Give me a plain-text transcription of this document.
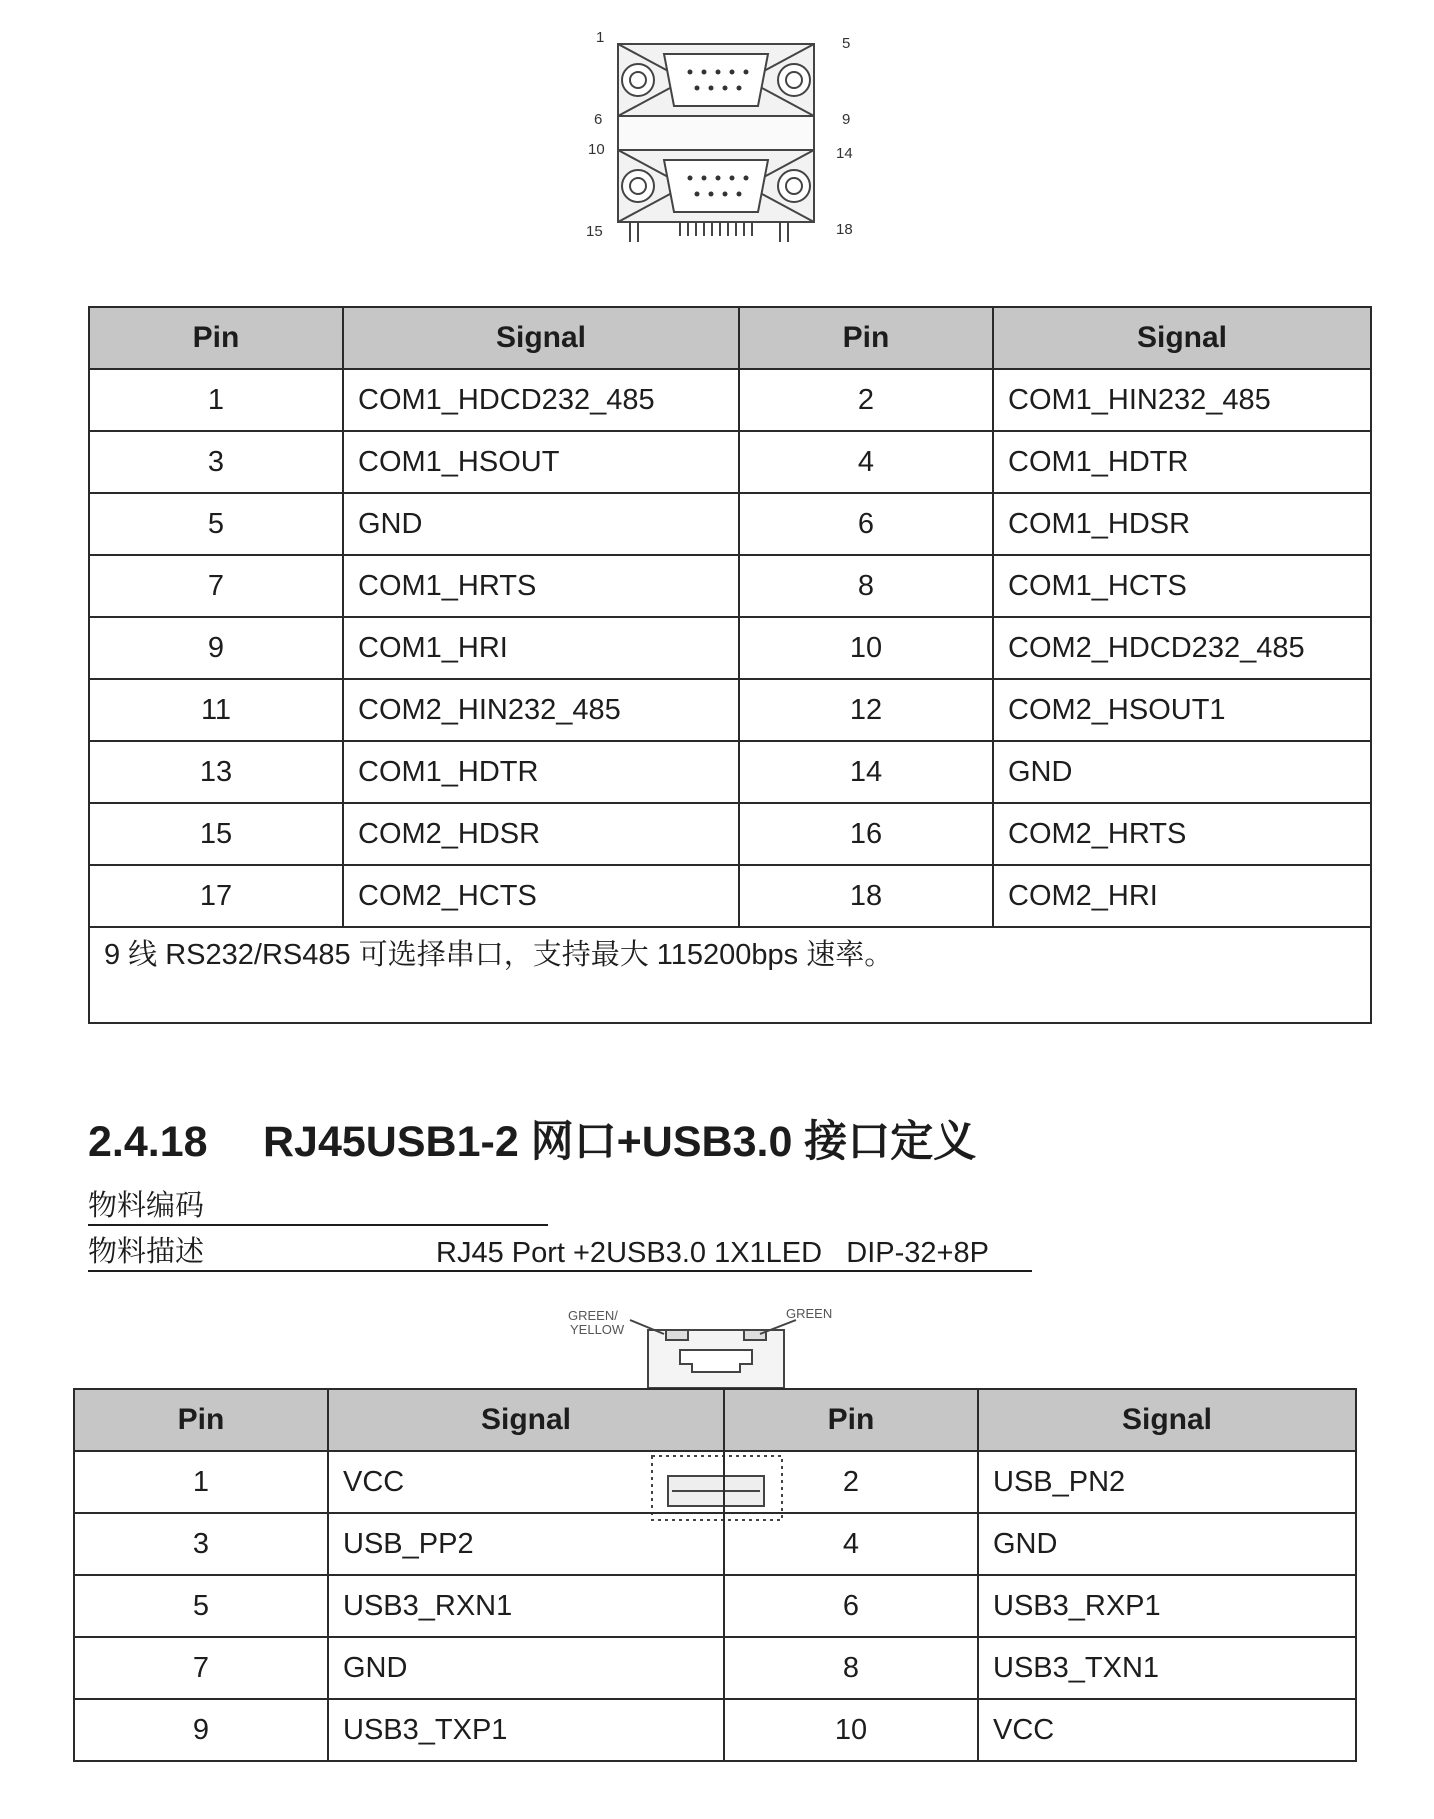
1	5
6	9
10	14
15	18
Pin	Signal	Pin	Signal
1	COM1_HDCD232_485	2	COM1_HIN232_485
3	COM1_HSOUT	4	COM1_HDTR
5	GND	6	COM1_HDSR
7	COM1_HRTS	8	COM1_HCTS
9	COM1_HRI	10	COM2_HDCD232_485
11	COM2_HIN232_485	12	COM2_HSOUT1
13	COM1_HDTR	14	GND
15	COM2_HDSR	16	COM2_HRTS
17	COM2_HCTS	18	COM2_HRI
9 线 RS232/RS485 可选择串口，支持最大 115200bps 速率。			
2.4.18 RJ45USB1-2 网口+USB3.0 接口定义
物料编码
物料描述	RJ45 Port +2USB3.0 1X1LED   DIP-32+8P
GREEN/
YELLOW
GREEN
Pin	Signal	Pin	Signal
1	VCC	2	USB_PN2
3	USB_PP2	4	GND
5	USB3_RXN1	6	USB3_RXP1
7	GND	8	USB3_TXN1
9	USB3_TXP1	10	VCC
